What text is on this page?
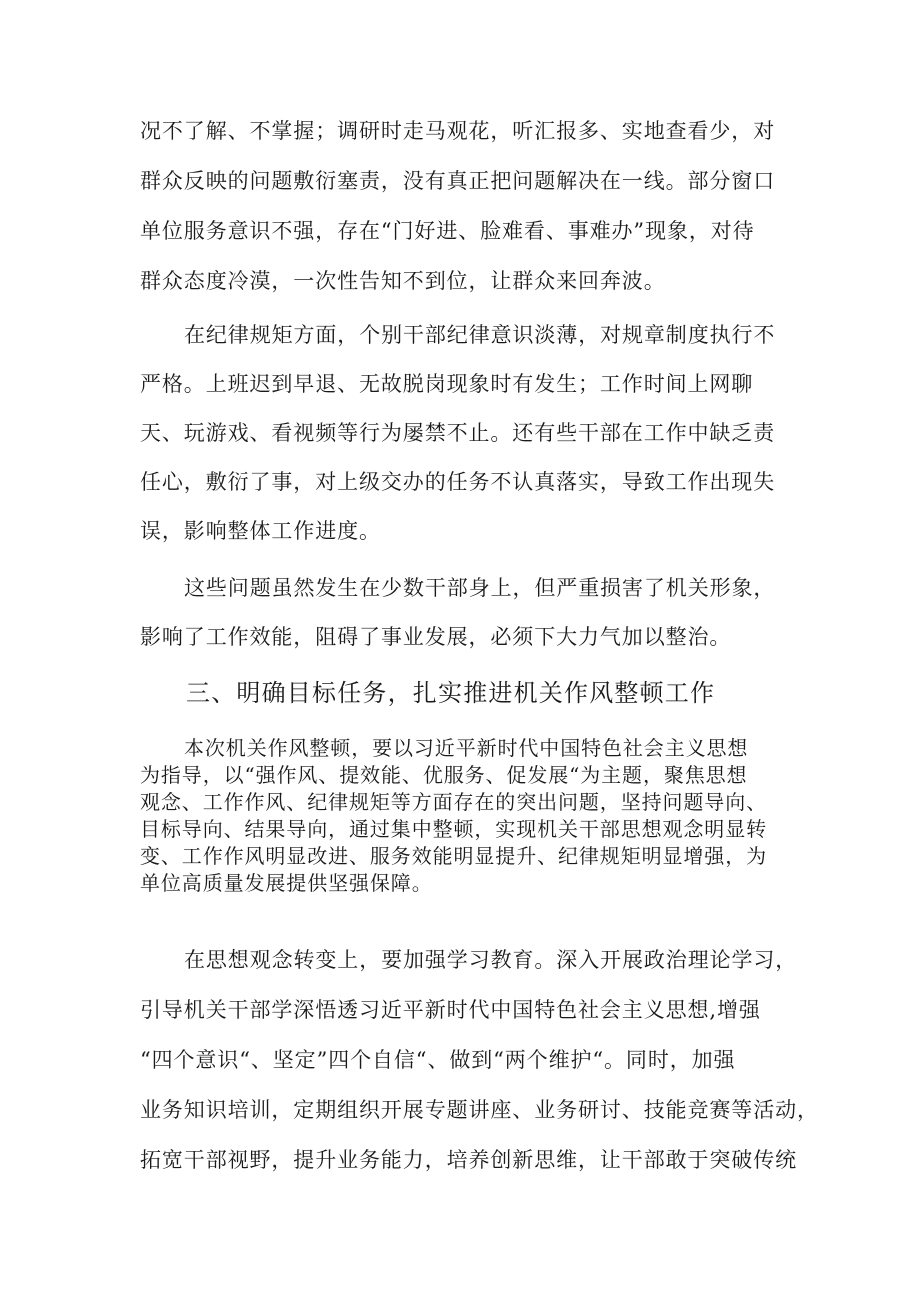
况不了解、不掌握；调研时走马观花，听汇报多、实地查看少，对
群众反映的问题敷衍塞责，没有真正把问题解决在一线。部分窗口
单位服务意识不强，存在“门好进、脸难看、事难办”现象，对待
群众态度冷漠，一次性告知不到位，让群众来回奔波。
在纪律规矩方面，个别干部纪律意识淡薄，对规章制度执行不
严格。上班迟到早退、无故脱岗现象时有发生；工作时间上网聊
天、玩游戏、看视频等行为屡禁不止。还有些干部在工作中缺乏责
任心，敷衍了事，对上级交办的任务不认真落实，导致工作出现失
误，影响整体工作进度。
这些问题虽然发生在少数干部身上，但严重损害了机关形象，
影响了工作效能，阻碍了事业发展，必须下大力气加以整治。
三、明确目标任务，扎实推进机关作风整顿工作
本次机关作风整顿，要以习近平新时代中国特色社会主义思想
为指导，以“强作风、提效能、优服务、促发展“为主题，聚焦思想
观念、工作作风、纪律规矩等方面存在的突出问题，坚持问题导向、
目标导向、结果导向，通过集中整顿，实现机关干部思想观念明显转
变、工作作风明显改进、服务效能明显提升、纪律规矩明显增强，为
单位高质量发展提供坚强保障。
在思想观念转变上，要加强学习教育。深入开展政治理论学习，
引导机关干部学深悟透习近平新时代中国特色社会主义思想,增强
“四个意识“、坚定”四个自信“、做到“两个维护“。同时，加强
业务知识培训，定期组织开展专题讲座、业务研讨、技能竞赛等活动，
拓宽干部视野，提升业务能力，培养创新思维，让干部敢于突破传统
